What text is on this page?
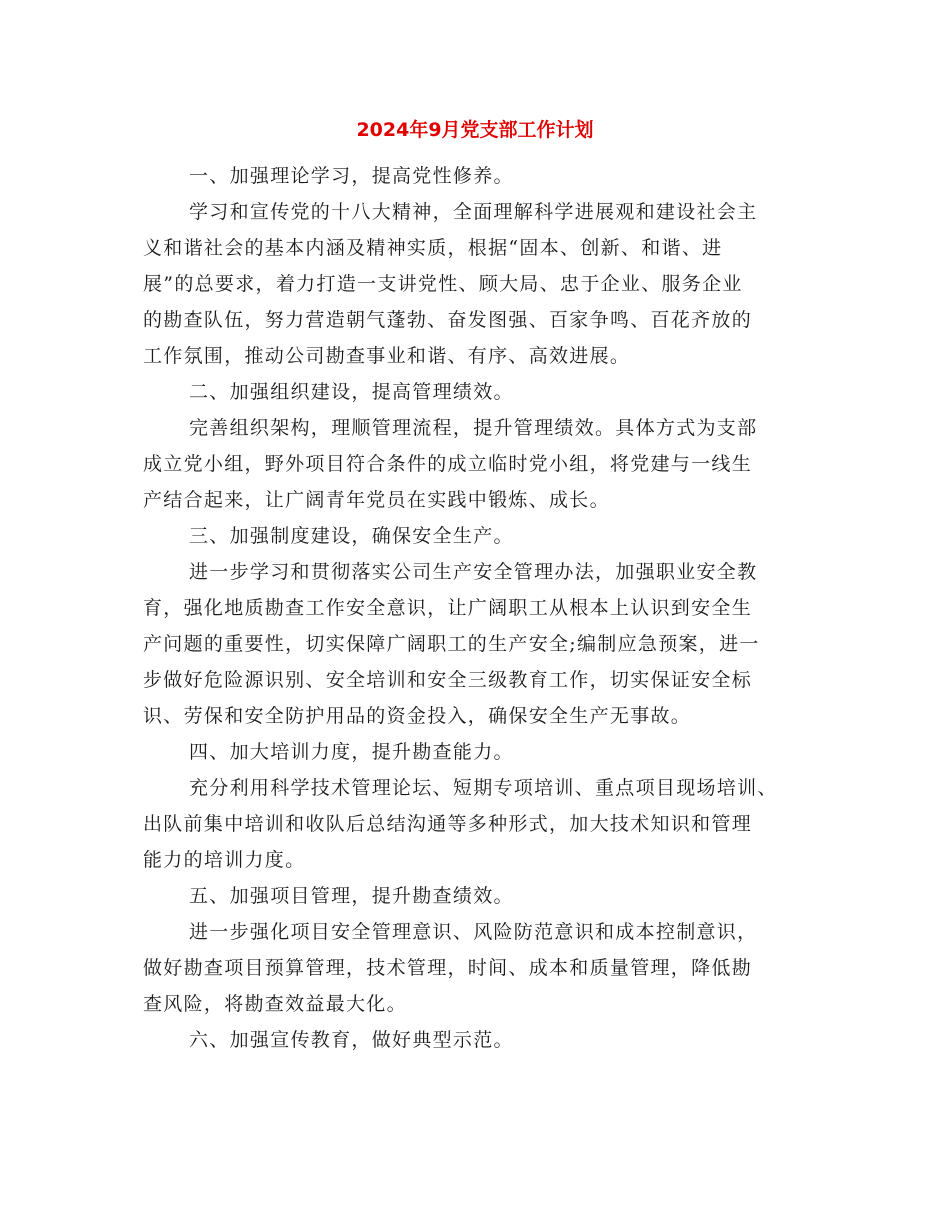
2024年9月党支部工作计划
一、加强理论学习，提高党性修养。
学习和宣传党的十八大精神，全面理解科学进展观和建设社会主
义和谐社会的基本内涵及精神实质，根据“固本、创新、和谐、进
展”的总要求，着力打造一支讲党性、顾大局、忠于企业、服务企业
的勘查队伍，努力营造朝气蓬勃、奋发图强、百家争鸣、百花齐放的
工作氛围，推动公司勘查事业和谐、有序、高效进展。
二、加强组织建设，提高管理绩效。
完善组织架构，理顺管理流程，提升管理绩效。具体方式为支部
成立党小组，野外项目符合条件的成立临时党小组，将党建与一线生
产结合起来，让广阔青年党员在实践中锻炼、成长。
三、加强制度建设，确保安全生产。
进一步学习和贯彻落实公司生产安全管理办法，加强职业安全教
育，强化地质勘查工作安全意识，让广阔职工从根本上认识到安全生
产问题的重要性，切实保障广阔职工的生产安全;编制应急预案，进一
步做好危险源识别、安全培训和安全三级教育工作，切实保证安全标
识、劳保和安全防护用品的资金投入，确保安全生产无事故。
四、加大培训力度，提升勘查能力。
充分利用科学技术管理论坛、短期专项培训、重点项目现场培训、
出队前集中培训和收队后总结沟通等多种形式，加大技术知识和管理
能力的培训力度。
五、加强项目管理，提升勘查绩效。
进一步强化项目安全管理意识、风险防范意识和成本控制意识，
做好勘查项目预算管理，技术管理，时间、成本和质量管理，降低勘
查风险，将勘查效益最大化。
六、加强宣传教育，做好典型示范。
